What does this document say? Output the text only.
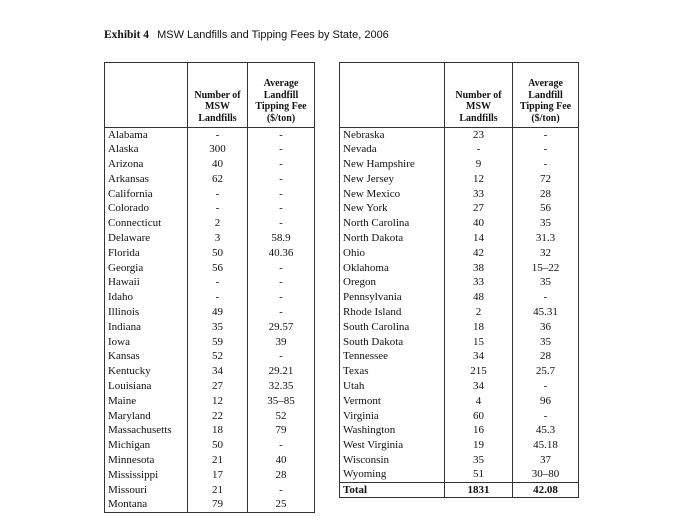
Exhibit 4 MSW Landfills and Tipping Fees by State, 2006
	Number of MSW Landfills	Average Landfill Tipping Fee ($/ton)
Alabama	-	-
Alaska	300	-
Arizona	40	-
Arkansas	62	-
California	-	-
Colorado	-	-
Connecticut	2	-
Delaware	3	58.9
Florida	50	40.36
Georgia	56	-
Hawaii	-	-
Idaho	-	-
Illinois	49	-
Indiana	35	29.57
Iowa	59	39
Kansas	52	-
Kentucky	34	29.21
Louisiana	27	32.35
Maine	12	35–85
Maryland	22	52
Massachusetts	18	79
Michigan	50	-
Minnesota	21	40
Mississippi	17	28
Missouri	21	-
Montana	79	25
	Number of MSW Landfills	Average Landfill Tipping Fee ($/ton)
Nebraska	23	-
Nevada	-	-
New Hampshire	9	-
New Jersey	12	72
New Mexico	33	28
New York	27	56
North Carolina	40	35
North Dakota	14	31.3
Ohio	42	32
Oklahoma	38	15–22
Oregon	33	35
Pennsylvania	48	-
Rhode Island	2	45.31
South Carolina	18	36
South Dakota	15	35
Tennessee	34	28
Texas	215	25.7
Utah	34	-
Vermont	4	96
Virginia	60	-
Washington	16	45.3
West Virginia	19	45.18
Wisconsin	35	37
Wyoming	51	30–80
Total	1831	42.08
